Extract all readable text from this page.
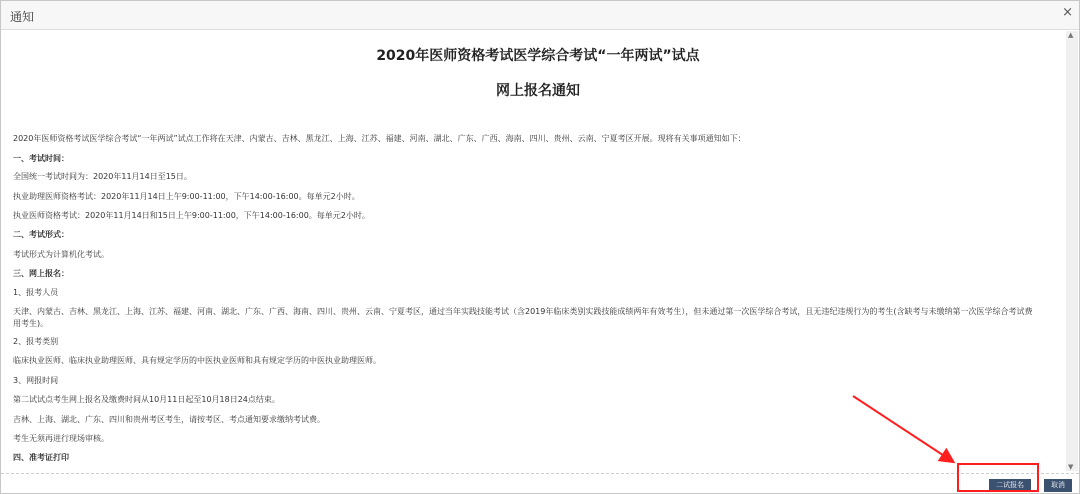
通知	×
2020年医师资格考试医学综合考试“一年两试”试点
网上报名通知
2020年医师资格考试医学综合考试“一年两试”试点工作将在天津、内蒙古、吉林、黑龙江、上海、江苏、福建、河南、湖北、广东、广西、海南、四川、贵州、云南、宁夏考区开展。现将有关事项通知如下：
一、考试时间：
全国统一考试时间为：2020年11月14日至15日。
执业助理医师资格考试：2020年11月14日上午9:00-11:00，下午14:00-16:00。每单元2小时。
执业医师资格考试：2020年11月14日和15日上午9:00-11:00，下午14:00-16:00。每单元2小时。
二、考试形式：
考试形式为计算机化考试。
三、网上报名：
1、报考人员
天津、内蒙古、吉林、黑龙江、上海、江苏、福建、河南、湖北、广东、广西、海南、四川、贵州、云南、宁夏考区，通过当年实践技能考试（含2019年临床类别实践技能成绩两年有效考生），但未通过第一次医学综合考试，且无违纪违规行为的考生(含缺考与未缴纳第一次医学综合考试费用考生)。
2、报考类别
临床执业医师、临床执业助理医师、具有规定学历的中医执业医师和具有规定学历的中医执业助理医师。
3、网报时间
第二试试点考生网上报名及缴费时间从10月11日起至10月18日24点结束。
吉林、上海、湖北、广东、四川和贵州考区考生，请按考区、考点通知要求缴纳考试费。
考生无须再进行现场审核。
四、准考证打印
▲
▼
二试报名	取消
